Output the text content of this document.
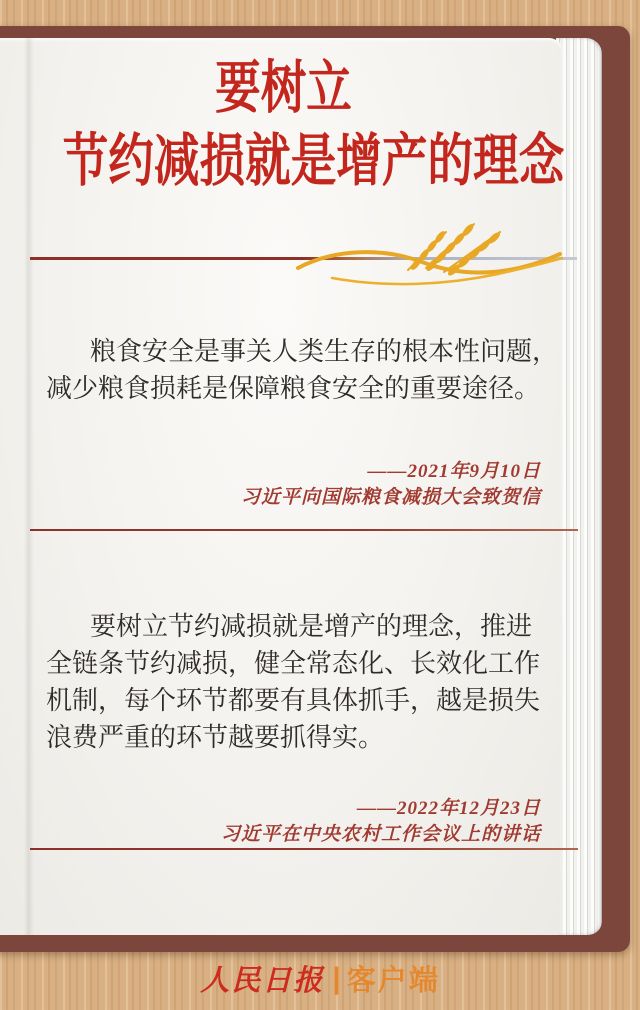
要树立
节约减损就是增产的理念
粮食安全是事关人类生存的根本性问题，
减少粮食损耗是保障粮食安全的重要途径。
——2021年9月10日
习近平向国际粮食减损大会致贺信
要树立节约减损就是增产的理念，推进
全链条节约减损，健全常态化、长效化工作
机制，每个环节都要有具体抓手，越是损失
浪费严重的环节越要抓得实。
——2022年12月23日
习近平在中央农村工作会议上的讲话
人民日报 | 客户端
